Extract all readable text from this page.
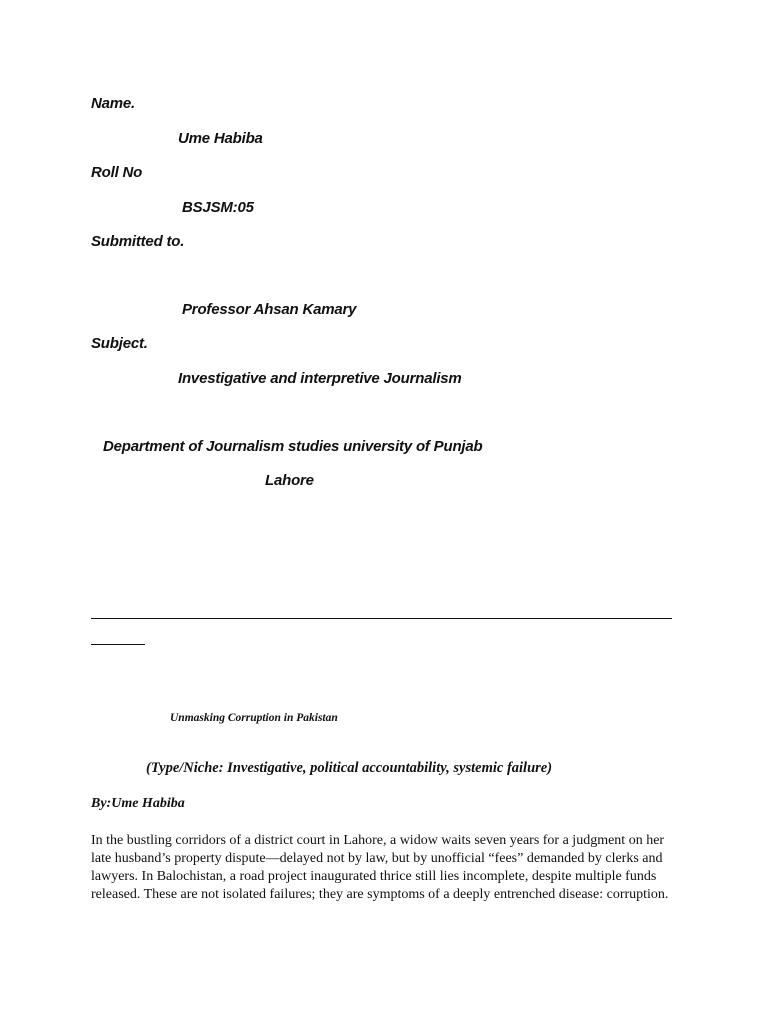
Name.
Ume Habiba
Roll No
BSJSM:05
Submitted to.
Professor Ahsan Kamary
Subject.
Investigative and interpretive Journalism
Department of Journalism studies university of Punjab
Lahore
Unmasking Corruption in Pakistan
(Type/Niche: Investigative, political accountability, systemic failure)
By:Ume Habiba
In the bustling corridors of a district court in Lahore, a widow waits seven years for a judgment on her late husband’s property dispute—delayed not by law, but by unofficial “fees” demanded by clerks and lawyers. In Balochistan, a road project inaugurated thrice still lies incomplete, despite multiple funds released. These are not isolated failures; they are symptoms of a deeply entrenched disease: corruption.
